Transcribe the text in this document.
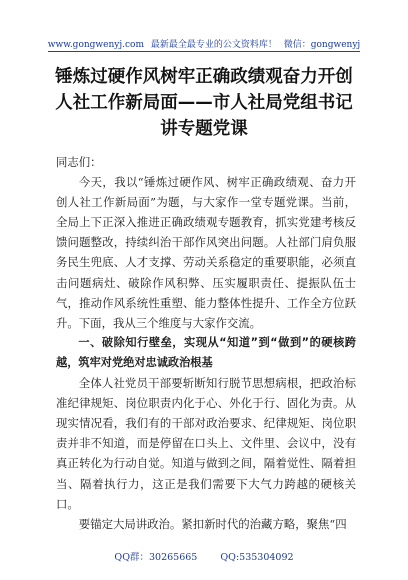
www.gongwenyj.com 最新最全最专业的公文资料库！ 微信：gongwenyj
锤炼过硬作风树牢正确政绩观奋力开创人社工作新局面——市人社局党组书记讲专题党课

同志们：

今天，我以“锤炼过硬作风、树牢正确政绩观、奋力开创人社工作新局面”为题，与大家作一堂专题党课。当前，全局上下正深入推进正确政绩观专题教育，抓实党建考核反馈问题整改，持续纠治干部作风突出问题。人社部门肩负服务民生兜底、人才支撑、劳动关系稳定的重要职能，必须直击问题病灶、破除作风积弊、压实履职责任、提振队伍士气，推动作风系统性重塑、能力整体性提升、工作全方位跃升。下面，我从三个维度与大家作交流。

一、破除知行壁垒，实现从“知道”到“做到”的硬核跨越，筑牢对党绝对忠诚政治根基

全体人社党员干部要斩断知行脱节思想病根，把政治标准纪律规矩、岗位职责内化于心、外化于行、固化为责。从现实情况看，我们有的干部对政治要求、纪律规矩、岗位职责并非不知道，而是停留在口头上、文件里、会议中，没有真正转化为行动自觉。知道与做到之间，隔着觉性、隔着担当、隔着执行力，这正是我们需要下大气力跨越的硬核关口。

要锚定大局讲政治。紧扣新时代的治藏方略，聚焦“四

QQ群：30265665 QQ:535304092
